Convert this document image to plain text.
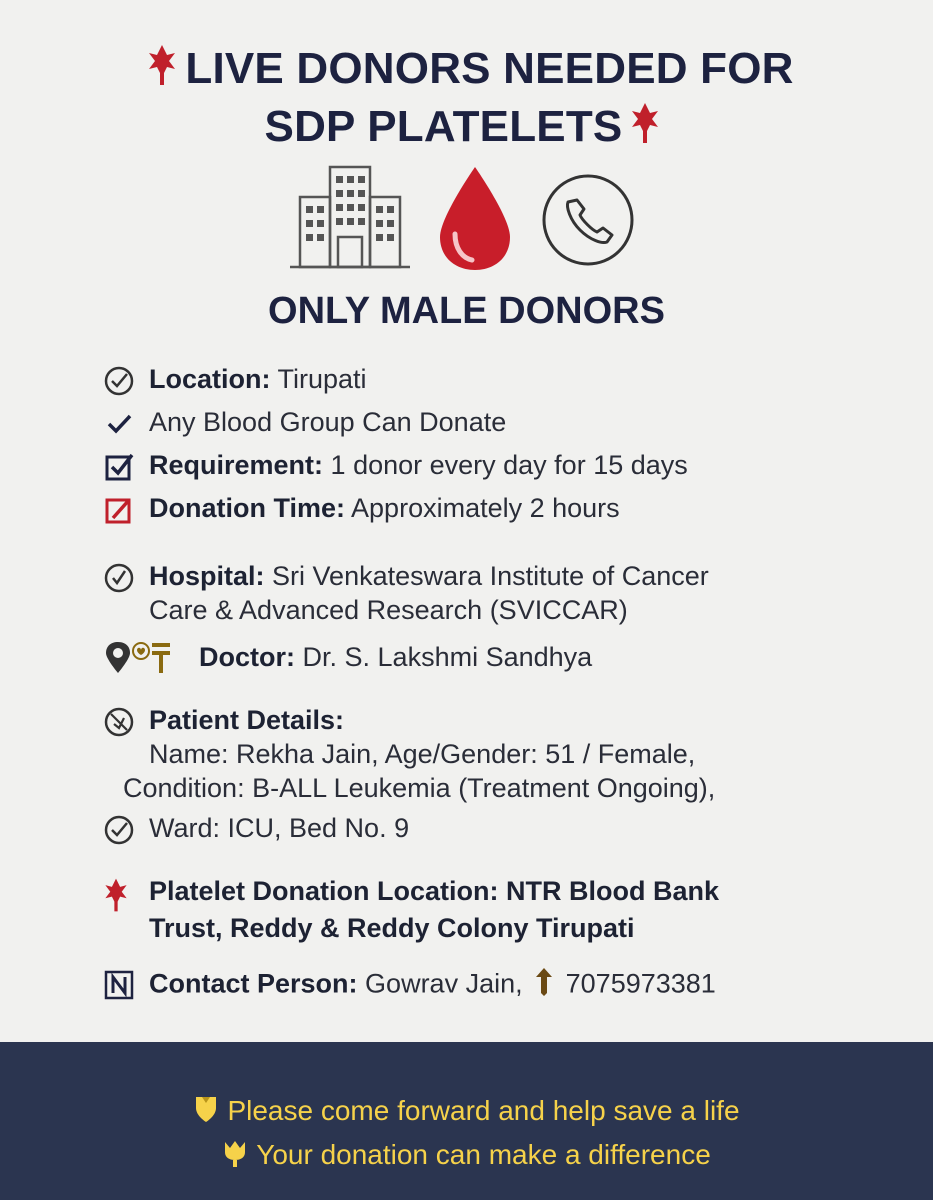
LIVE DONORS NEEDED FOR
SDP PLATELETS
ONLY MALE DONORS
Location: Tirupati
Any Blood Group Can Donate
Requirement: 1 donor every day for 15 days
Donation Time: Approximately 2 hours
Hospital: Sri Venkateswara Institute of Cancer
Care & Advanced Research (SVICCAR)
Doctor: Dr. S. Lakshmi Sandhya
Patient Details:
Name: Rekha Jain, Age/Gender: 51 / Female,
Condition: B-ALL Leukemia (Treatment Ongoing),
Ward: ICU, Bed No. 9
Platelet Donation Location: NTR Blood Bank
Trust, Reddy & Reddy Colony Tirupati
Contact Person: Gowrav Jain, 7075973381
Please come forward and help save a life
Your donation can make a difference
